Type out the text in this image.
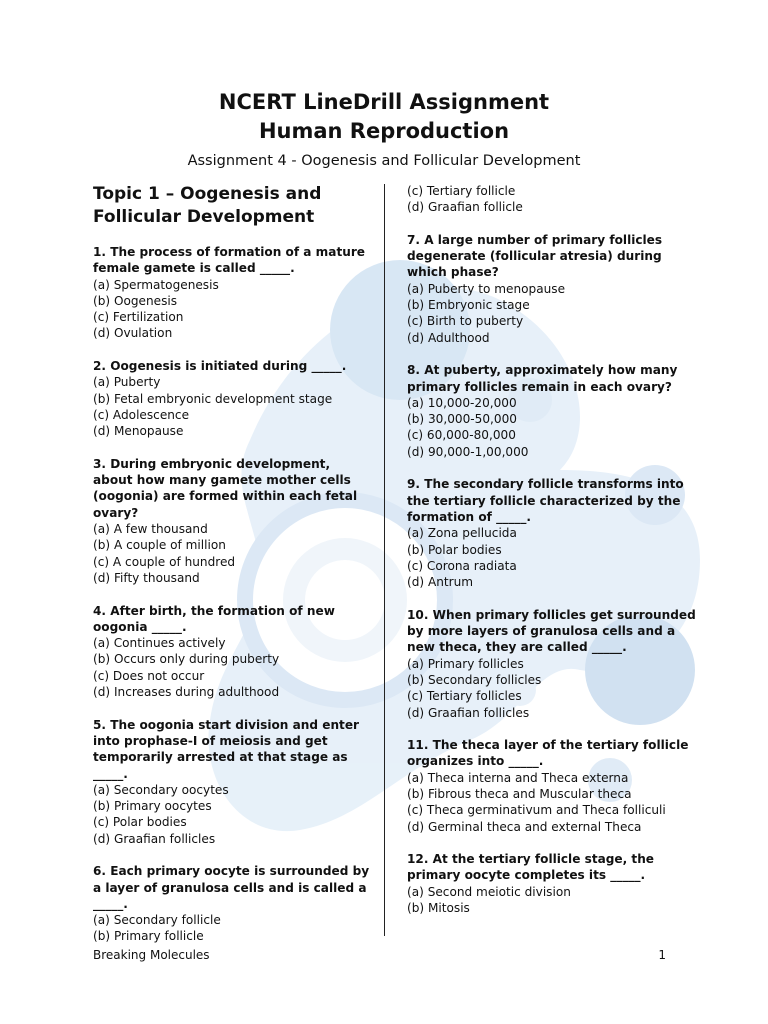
NCERT LineDrill Assignment
Human Reproduction
Assignment 4 - Oogenesis and Follicular Development
Topic 1 – Oogenesis and Follicular Development
1. The process of formation of a mature female gamete is called _____.
(a) Spermatogenesis
(b) Oogenesis
(c) Fertilization
(d) Ovulation
2. Oogenesis is initiated during _____.
(a) Puberty
(b) Fetal embryonic development stage
(c) Adolescence
(d) Menopause
3. During embryonic development, about how many gamete mother cells (oogonia) are formed within each fetal ovary?
(a) A few thousand
(b) A couple of million
(c) A couple of hundred
(d) Fifty thousand
4. After birth, the formation of new oogonia _____.
(a) Continues actively
(b) Occurs only during puberty
(c) Does not occur
(d) Increases during adulthood
5. The oogonia start division and enter into prophase-I of meiosis and get temporarily arrested at that stage as _____.
(a) Secondary oocytes
(b) Primary oocytes
(c) Polar bodies
(d) Graafian follicles
6. Each primary oocyte is surrounded by a layer of granulosa cells and is called a _____.
(a) Secondary follicle
(b) Primary follicle
(c) Tertiary follicle
(d) Graafian follicle
7. A large number of primary follicles degenerate (follicular atresia) during which phase?
(a) Puberty to menopause
(b) Embryonic stage
(c) Birth to puberty
(d) Adulthood
8. At puberty, approximately how many primary follicles remain in each ovary?
(a) 10,000-20,000
(b) 30,000-50,000
(c) 60,000-80,000
(d) 90,000-1,00,000
9. The secondary follicle transforms into the tertiary follicle characterized by the formation of _____.
(a) Zona pellucida
(b) Polar bodies
(c) Corona radiata
(d) Antrum
10. When primary follicles get surrounded by more layers of granulosa cells and a new theca, they are called _____.
(a) Primary follicles
(b) Secondary follicles
(c) Tertiary follicles
(d) Graafian follicles
11. The theca layer of the tertiary follicle organizes into _____.
(a) Theca interna and Theca externa
(b) Fibrous theca and Muscular theca
(c) Theca germinativum and Theca folliculi
(d) Germinal theca and external Theca
12. At the tertiary follicle stage, the primary oocyte completes its _____.
(a) Second meiotic division
(b) Mitosis
Breaking Molecules	1
